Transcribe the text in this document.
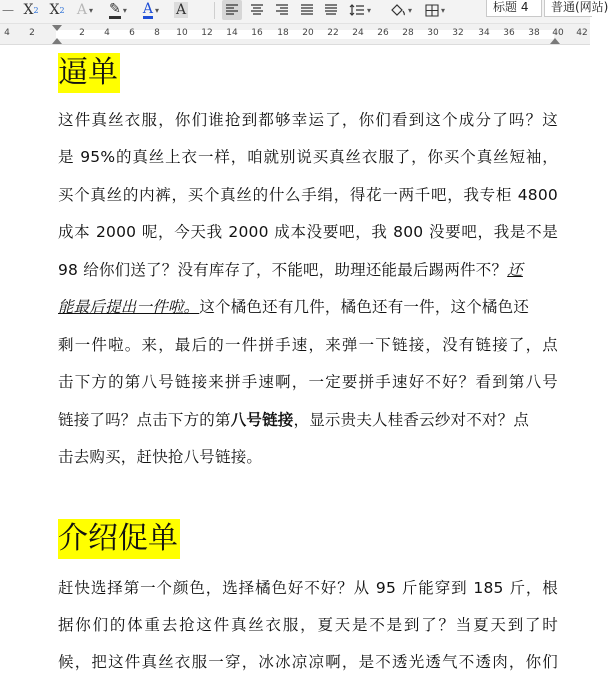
— X 2 X 2 A ▾ ✎ ▾ A ▾ A	▾	▾	▾	标题 4	普通(网站)
4 2	2 4 6 8 10 12 14 16 18 20 22 24 26 28 30 32 34 36 38 40 42
逼单
这件真丝衣服，你们谁抢到都够幸运了，你们看到这个成分了吗？这
是 95%的真丝上衣一样，咱就别说买真丝衣服了，你买个真丝短袖，
买个真丝的内裤，买个真丝的什么手绢，得花一两千吧，我专柜 4800
成本 2000 呢，今天我 2000 成本没要吧，我 800 没要吧，我是不是
98 给你们送了？没有库存了，不能吧，助理还能最后踢两件不？还
能最后提出一件啦。这个橘色还有几件，橘色还有一件，这个橘色还
剩一件啦。来，最后的一件拼手速，来弹一下链接，没有链接了，点
击下方的第八号链接来拼手速啊，一定要拼手速好不好？看到第八号
链接了吗？点击下方的第八号链接，显示贵夫人桂香云纱对不对？点
击去购买，赶快抢八号链接。
介绍促单
赶快选择第一个颜色，选择橘色好不好？从 95 斤能穿到 185 斤，根
据你们的体重去抢这件真丝衣服，夏天是不是到了？当夏天到了时
候，把这件真丝衣服一穿，冰冰凉凉啊，是不透光透气不透肉，你们
